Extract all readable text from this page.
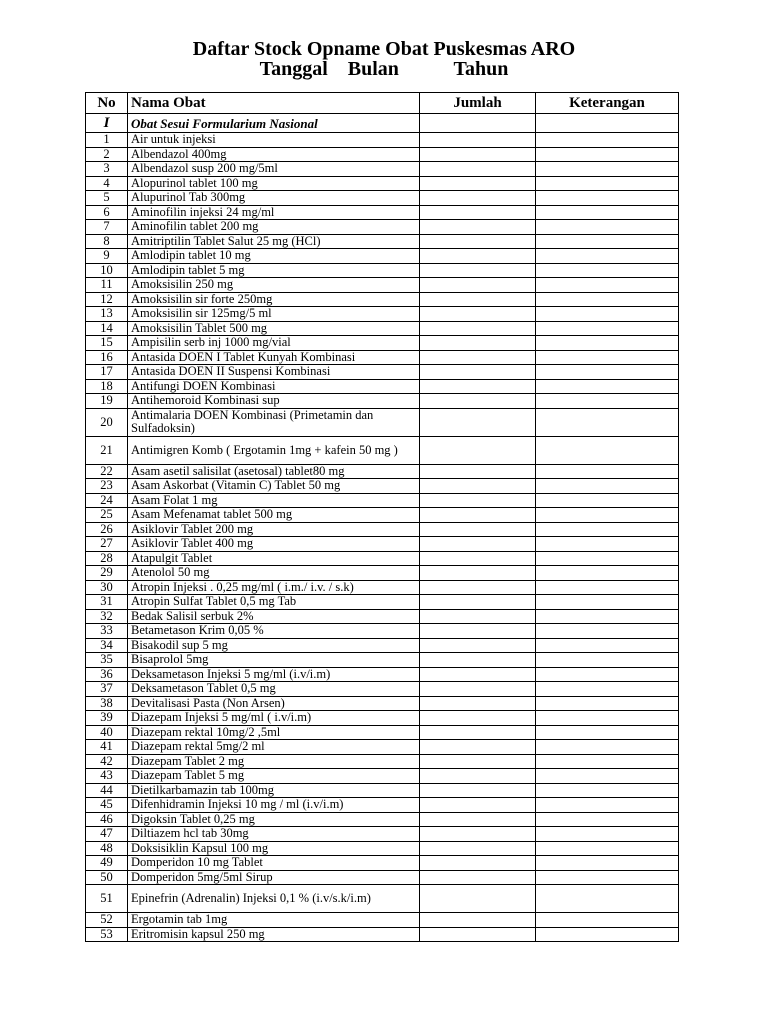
Daftar Stock Opname Obat Puskesmas ARO
Tanggal    Bulan           Tahun
No	Nama Obat	Jumlah	Keterangan
I	Obat Sesui Formularium Nasional		
1	Air untuk injeksi		
2	Albendazol 400mg		
3	Albendazol susp 200 mg/5ml		
4	Alopurinol tablet 100 mg		
5	Alupurinol Tab 300mg		
6	Aminofilin injeksi 24 mg/ml		
7	Aminofilin tablet 200 mg		
8	Amitriptilin Tablet Salut 25 mg (HCl)		
9	Amlodipin tablet 10 mg		
10	Amlodipin tablet 5 mg		
11	Amoksisilin 250 mg		
12	Amoksisilin sir forte 250mg		
13	Amoksisilin sir 125mg/5 ml		
14	Amoksisilin Tablet 500 mg		
15	Ampisilin serb inj 1000 mg/vial		
16	Antasida DOEN I Tablet Kunyah Kombinasi		
17	Antasida DOEN II Suspensi Kombinasi		
18	Antifungi DOEN Kombinasi		
19	Antihemoroid Kombinasi sup		
20	Antimalaria DOEN Kombinasi (Primetamin dan Sulfadoksin)		
21	Antimigren Komb ( Ergotamin 1mg + kafein 50 mg )		
22	Asam asetil salisilat (asetosal) tablet80 mg		
23	Asam Askorbat (Vitamin C) Tablet 50 mg		
24	Asam Folat 1 mg		
25	Asam Mefenamat tablet 500 mg		
26	Asiklovir Tablet 200 mg		
27	Asiklovir Tablet 400 mg		
28	Atapulgit Tablet		
29	Atenolol 50 mg		
30	Atropin Injeksi . 0,25 mg/ml ( i.m./ i.v. / s.k)		
31	Atropin Sulfat Tablet 0,5 mg Tab		
32	Bedak Salisil serbuk 2%		
33	Betametason Krim 0,05 %		
34	Bisakodil sup 5 mg		
35	Bisaprolol 5mg		
36	Deksametason Injeksi 5 mg/ml (i.v/i.m)		
37	Deksametason Tablet 0,5 mg		
38	Devitalisasi Pasta (Non Arsen)		
39	Diazepam Injeksi 5 mg/ml ( i.v/i.m)		
40	Diazepam rektal 10mg/2 ,5ml		
41	Diazepam rektal 5mg/2 ml		
42	Diazepam Tablet 2 mg		
43	Diazepam Tablet 5 mg		
44	Dietilkarbamazin tab 100mg		
45	Difenhidramin Injeksi 10 mg / ml (i.v/i.m)		
46	Digoksin Tablet 0,25 mg		
47	Diltiazem hcl tab 30mg		
48	Doksisiklin Kapsul 100 mg		
49	Domperidon 10 mg Tablet		
50	Domperidon 5mg/5ml Sirup		
51	Epinefrin (Adrenalin) Injeksi 0,1 % (i.v/s.k/i.m)		
52	Ergotamin tab 1mg		
53	Eritromisin kapsul 250 mg		
